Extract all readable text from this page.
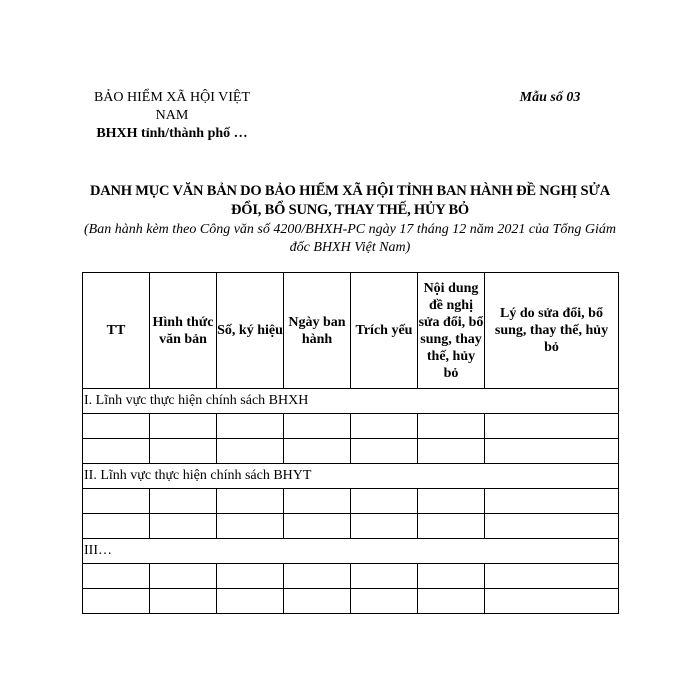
BẢO HIỂM XÃ HỘI VIỆT NAM
BHXH tỉnh/thành phố …
Mẫu số 03
DANH MỤC VĂN BẢN DO BẢO HIỂM XÃ HỘI TỈNH BAN HÀNH ĐỀ NGHỊ SỬA ĐỔI, BỔ SUNG, THAY THẾ, HỦY BỎ
(Ban hành kèm theo Công văn số 4200/BHXH-PC ngày 17 tháng 12 năm 2021 của Tổng Giám đốc BHXH Việt Nam)
TT	Hình thức văn bản	Số, ký hiệu	Ngày ban hành	Trích yếu	Nội dung đề nghị sửa đổi, bổ sung, thay thế, hủy bỏ	Lý do sửa đổi, bổ sung, thay thế, hủy bỏ
I. Lĩnh vực thực hiện chính sách BHXH						

II. Lĩnh vực thực hiện chính sách BHYT						

III…						
